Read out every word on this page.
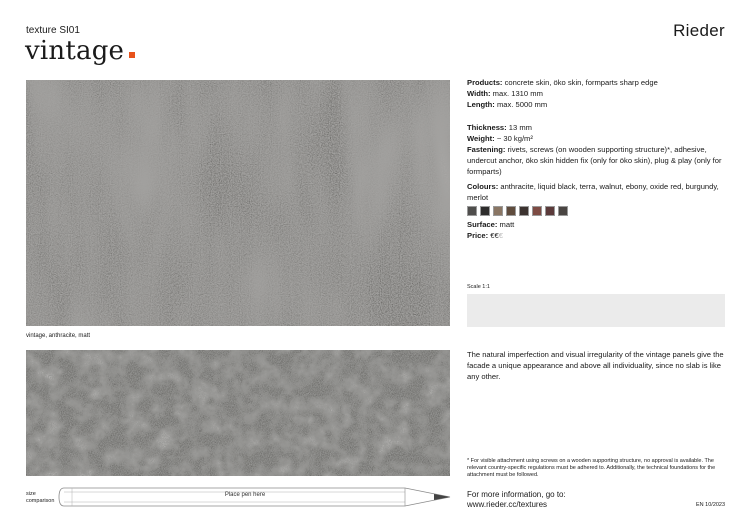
texture SI01
vintage
Rieder
vintage, anthracite, matt
Products: concrete skin, öko skin, formparts sharp edge
Width: max. 1310 mm
Length: max. 5000 mm
Thickness: 13 mm
Weight: ~ 30 kg/m²
Fastening: rivets, screws (on wooden supporting structure)*, adhesive, undercut anchor, öko skin hidden fix (only for öko skin), plug & play (only for formparts)
Colours: anthracite, liquid black, terra, walnut, ebony, oxide red, burgundy, merlot
Surface: matt
Price: €€€
Scale 1:1
The natural imperfection and visual irregularity of the vintage panels give the facade a unique appearance and above all individuality, since no slab is like any other.
* For visible attachment using screws on a wooden supporting structure, no approval is available. The relevant country-specific regulations must be adhered to. Additionally, the technical foundations for the attachment must be followed.
For more information, go to:
www.rieder.cc/textures	EN 10/2023
size
comparison
Place pen here
